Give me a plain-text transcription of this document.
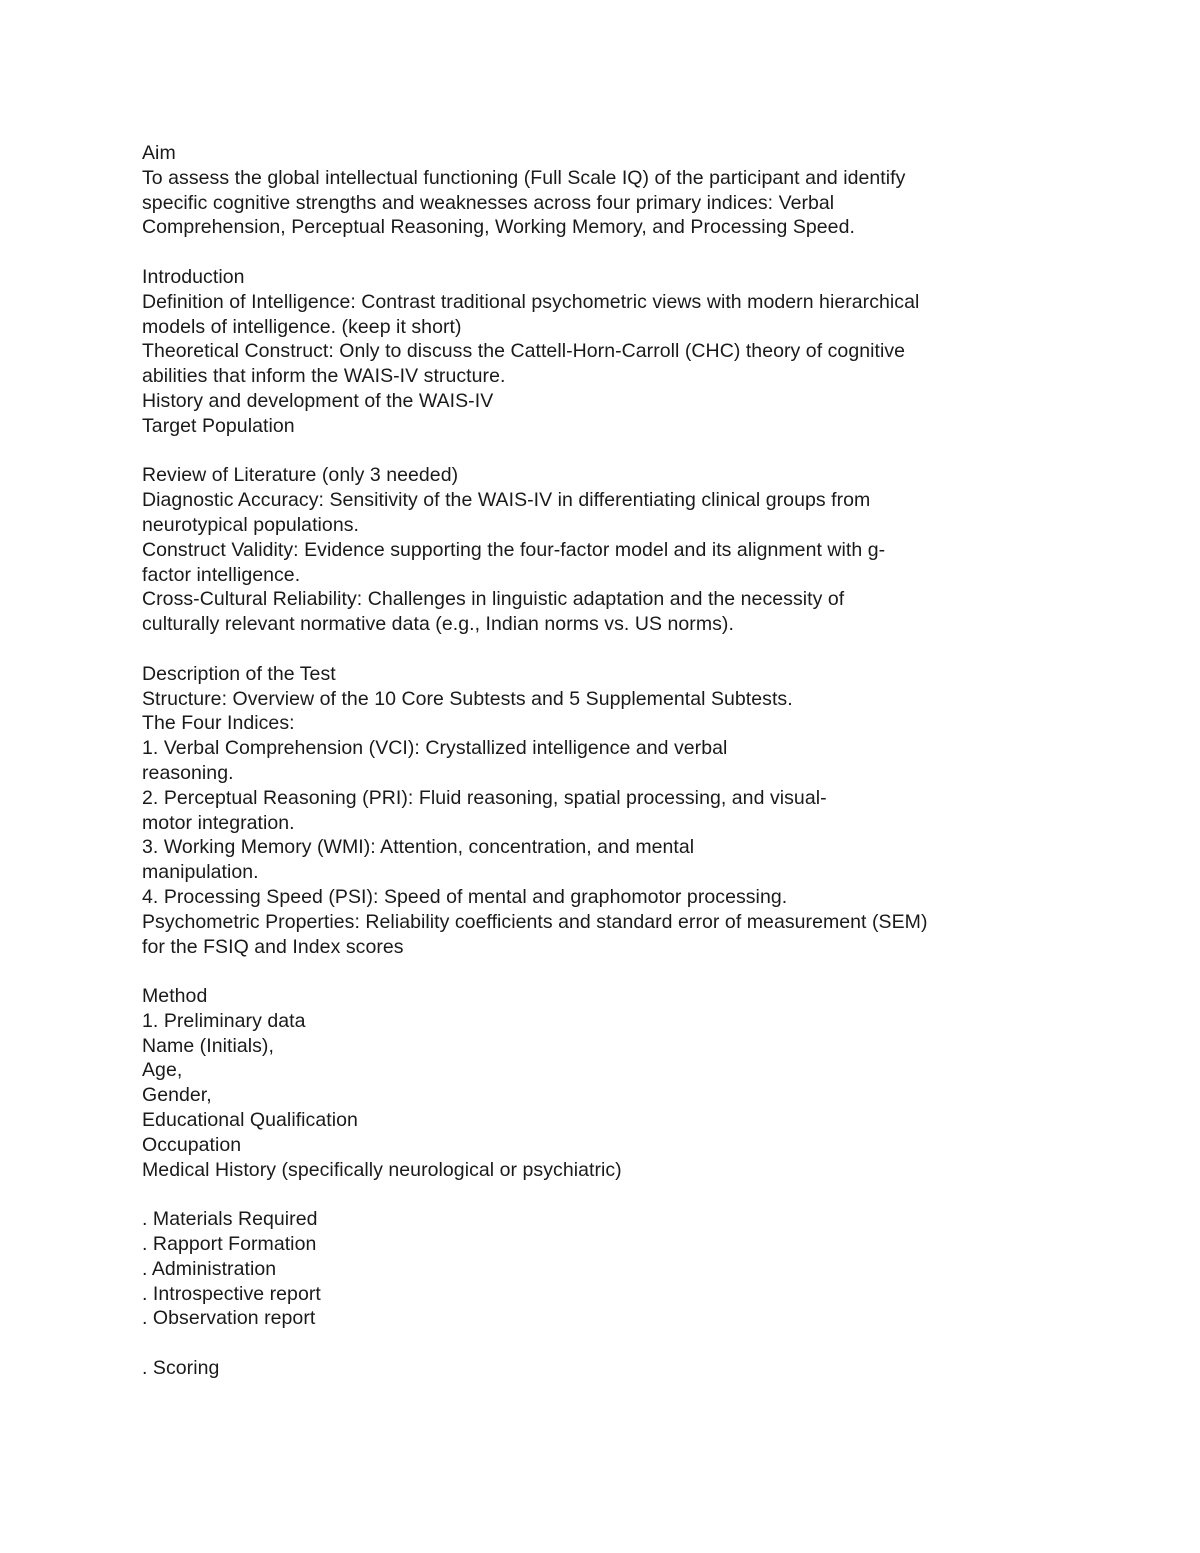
Aim
To assess the global intellectual functioning (Full Scale IQ) of the participant and identify
specific cognitive strengths and weaknesses across four primary indices: Verbal
Comprehension, Perceptual Reasoning, Working Memory, and Processing Speed.
Introduction
Definition of Intelligence: Contrast traditional psychometric views with modern hierarchical
models of intelligence. (keep it short)
Theoretical Construct: Only to discuss the Cattell-Horn-Carroll (CHC) theory of cognitive
abilities that inform the WAIS-IV structure.
History and development of the WAIS-IV
Target Population
Review of Literature (only 3 needed)
Diagnostic Accuracy: Sensitivity of the WAIS-IV in differentiating clinical groups from
neurotypical populations.
Construct Validity: Evidence supporting the four-factor model and its alignment with g-
factor intelligence.
Cross-Cultural Reliability: Challenges in linguistic adaptation and the necessity of
culturally relevant normative data (e.g., Indian norms vs. US norms).
Description of the Test
Structure: Overview of the 10 Core Subtests and 5 Supplemental Subtests.
The Four Indices:
1. Verbal Comprehension (VCI): Crystallized intelligence and verbal
reasoning.
2. Perceptual Reasoning (PRI): Fluid reasoning, spatial processing, and visual-
motor integration.
3. Working Memory (WMI): Attention, concentration, and mental
manipulation.
4. Processing Speed (PSI): Speed of mental and graphomotor processing.
Psychometric Properties: Reliability coefficients and standard error of measurement (SEM)
for the FSIQ and Index scores
Method
1. Preliminary data
Name (Initials),
Age,
Gender,
Educational Qualification
Occupation
Medical History (specifically neurological or psychiatric)
. Materials Required
. Rapport Formation
. Administration
. Introspective report
. Observation report
. Scoring
